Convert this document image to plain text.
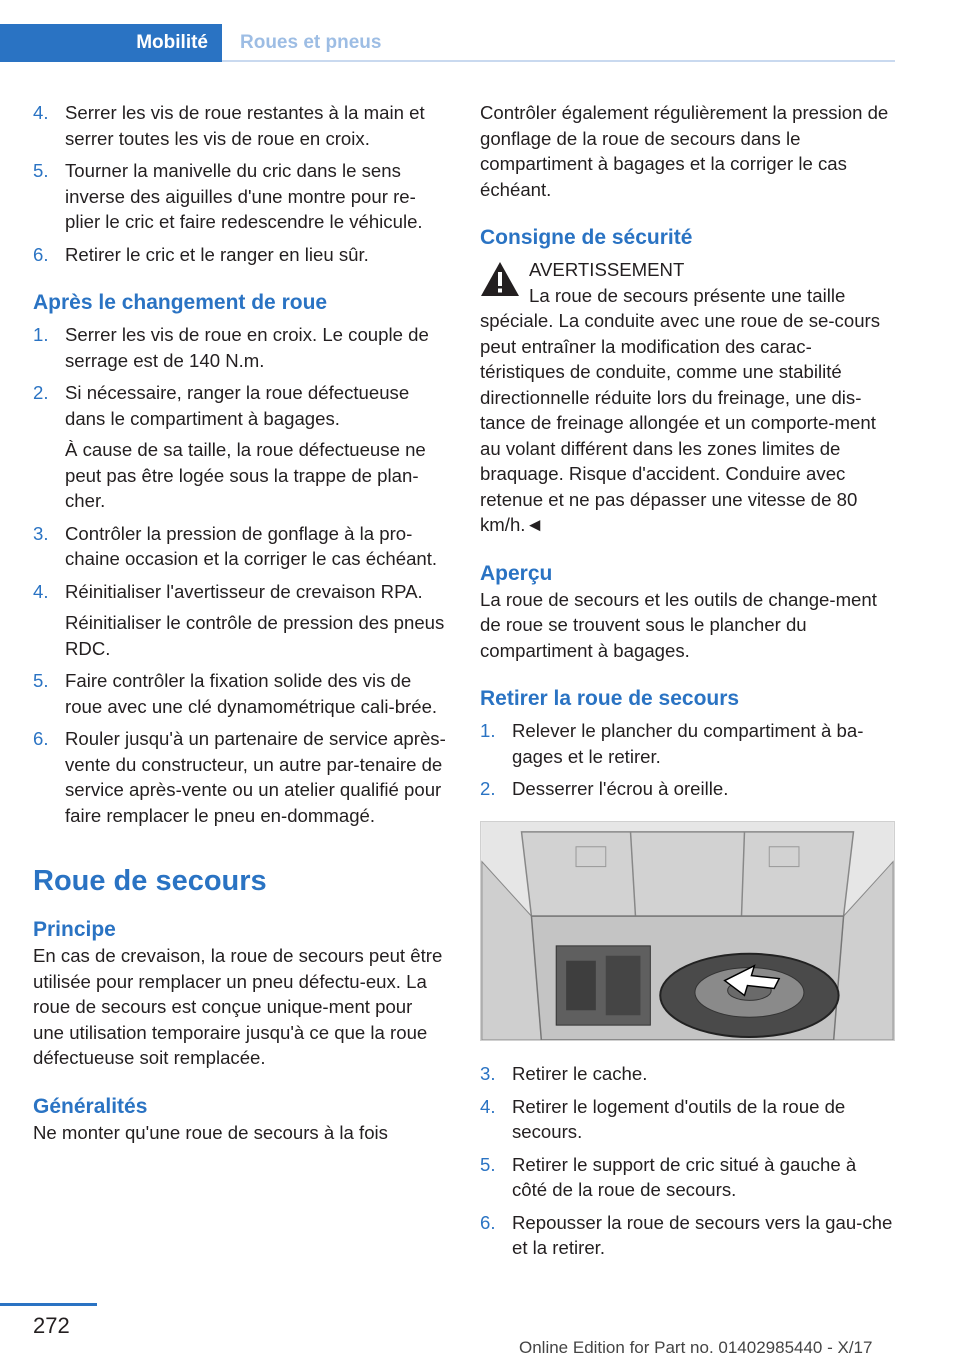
Mobilité	Roues et pneus
4. Serrer les vis de roue restantes à la main et serrer toutes les vis de roue en croix.

5. Tourner la manivelle du cric dans le sens inverse des aiguilles d'une montre pour re-plier le cric et faire redescendre le véhicule.

6. Retirer le cric et le ranger en lieu sûr.

Après le changement de roue
1. Serrer les vis de roue en croix. Le couple de serrage est de 140 N.m.

2. Si nécessaire, ranger la roue défectueuse dans le compartiment à bagages.

À cause de sa taille, la roue défectueuse ne peut pas être logée sous la trappe de plan-cher.

3. Contrôler la pression de gonflage à la pro-chaine occasion et la corriger le cas échéant.

4. Réinitialiser l'avertisseur de crevaison RPA.

Réinitialiser le contrôle de pression des pneus RDC.

5. Faire contrôler la fixation solide des vis de roue avec une clé dynamométrique cali-brée.

6. Rouler jusqu'à un partenaire de service après-vente du constructeur, un autre par-tenaire de service après-vente ou un atelier qualifié pour faire remplacer le pneu en-dommagé.

Roue de secours
Principe

En cas de crevaison, la roue de secours peut être utilisée pour remplacer un pneu défectu-eux. La roue de secours est conçue unique-ment pour une utilisation temporaire jusqu'à ce que la roue défectueuse soit remplacée.

Généralités

Ne monter qu'une roue de secours à la fois

Contrôler également régulièrement la pression de gonflage de la roue de secours dans le compartiment à bagages et la corriger le cas échéant.

Consigne de sécurité
AVERTISSEMENT
La roue de secours présente une taille
spéciale. La conduite avec une roue de se-cours peut entraîner la modification des carac-téristiques de conduite, comme une stabilité directionnelle réduite lors du freinage, une dis-tance de freinage allongée et un comporte-ment au volant différent dans les zones limites de braquage. Risque d'accident. Conduire avec retenue et ne pas dépasser une vitesse de 80 km/h.◄
Aperçu

La roue de secours et les outils de change-ment de roue se trouvent sous le plancher du compartiment à bagages.

Retirer la roue de secours
1. Relever le plancher du compartiment à ba-gages et le retirer.

2. Desserrer l'écrou à oreille.

3. Retirer le cache.

4. Retirer le logement d'outils de la roue de secours.

5. Retirer le support de cric situé à gauche à côté de la roue de secours.

6. Repousser la roue de secours vers la gau-che et la retirer.

272
Online Edition for Part no. 01402985440 - X/17
